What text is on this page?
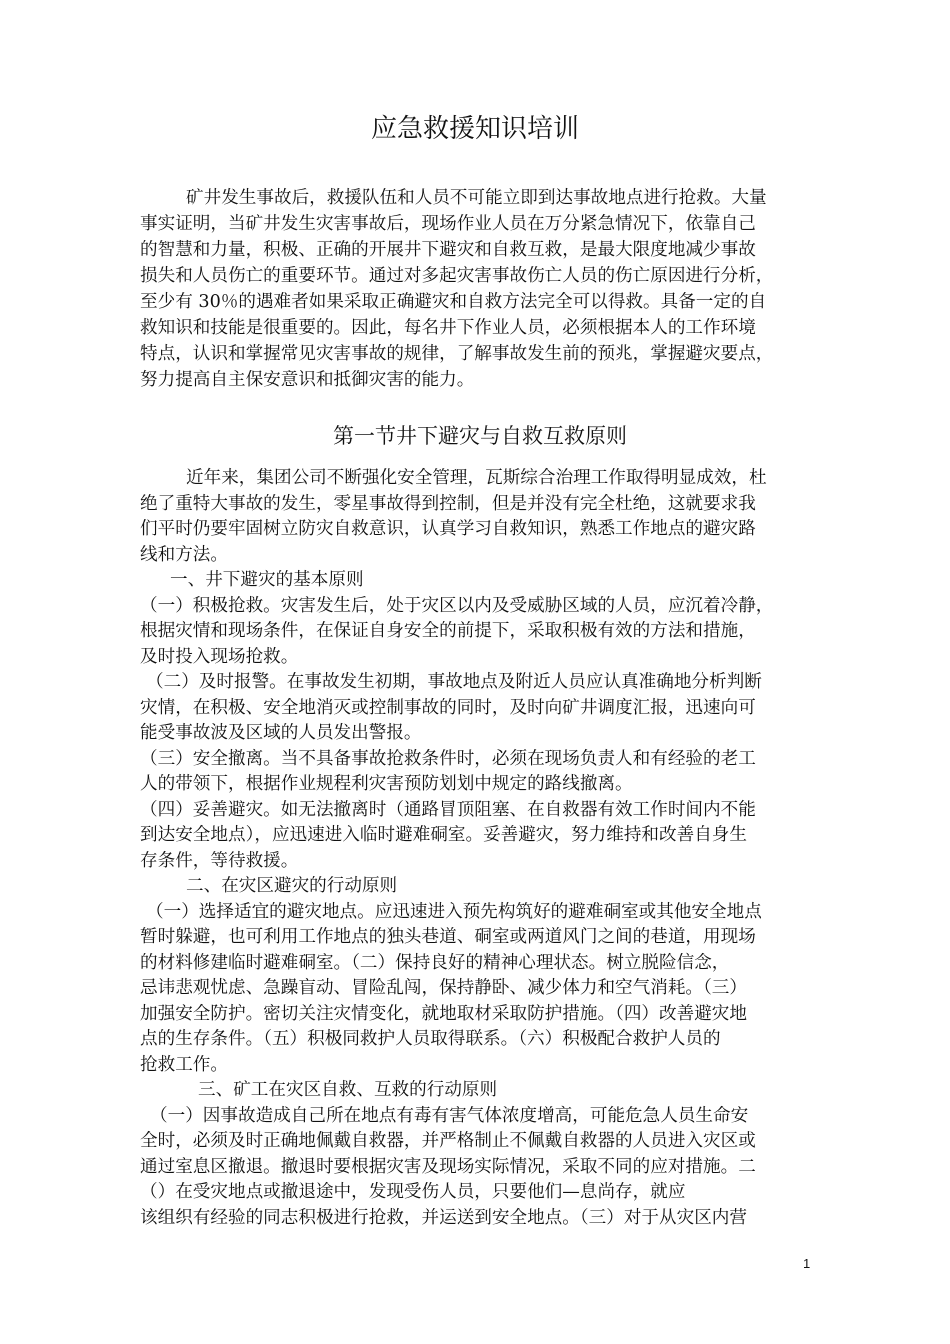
应急救援知识培训
矿井发生事故后，救援队伍和人员不可能立即到达事故地点进行抢救。大量
事实证明，当矿井发生灾害事故后，现场作业人员在万分紧急情况下，依靠自己
的智慧和力量，积极、正确的开展井下避灾和自救互救，是最大限度地减少事故
损失和人员伤亡的重要环节。通过对多起灾害事故伤亡人员的伤亡原因进行分析，
至少有 30％的遇难者如果采取正确避灾和自救方法完全可以得救。具备一定的自
救知识和技能是很重要的。因此，每名井下作业人员，必须根据本人的工作环境
特点，认识和掌握常见灾害事故的规律，了解事故发生前的预兆，掌握避灾要点，
努力提高自主保安意识和抵御灾害的能力。
第一节井下避灾与自救互救原则
近年来，集团公司不断强化安全管理，瓦斯综合治理工作取得明显成效，杜
绝了重特大事故的发生，零星事故得到控制，但是并没有完全杜绝，这就要求我
们平时仍要牢固树立防灾自救意识，认真学习自救知识，熟悉工作地点的避灾路
线和方法。
一、井下避灾的基本原则
（一）积极抢救。灾害发生后，处于灾区以内及受威胁区域的人员，应沉着冷静，
根据灾情和现场条件，在保证自身安全的前提下，采取积极有效的方法和措施，
及时投入现场抢救。
（二）及时报警。在事故发生初期，事故地点及附近人员应认真准确地分析判断
灾情，在积极、安全地消灭或控制事故的同时，及时向矿井调度汇报，迅速向可
能受事故波及区域的人员发出警报。
（三）安全撤离。当不具备事故抢救条件时，必须在现场负责人和有经验的老工
人的带领下，根据作业规程利灾害预防划划中规定的路线撤离。
（四）妥善避灾。如无法撤离时（通路冒顶阻塞、在自救器有效工作时间内不能
到达安全地点），应迅速进入临时避难硐室。妥善避灾，努力维持和改善自身生
存条件，等待救援。
二、在灾区避灾的行动原则
（一）选择适宜的避灾地点。应迅速进入预先构筑好的避难硐室或其他安全地点
暂时躲避，也可利用工作地点的独头巷道、硐室或两道风门之间的巷道，用现场
的材料修建临时避难硐室。（二）保持良好的精神心理状态。树立脱险信念，
忌讳悲观忧虑、急躁盲动、冒险乱闯，保持静卧、减少体力和空气消耗。（三）
加强安全防护。密切关注灾情变化，就地取材采取防护措施。（四）改善避灾地
点的生存条件。（五）积极同救护人员取得联系。（六）积极配合救护人员的
抢救工作。
三、矿工在灾区自救、互救的行动原则
（一）因事故造成自己所在地点有毒有害气体浓度增高，可能危急人员生命安
全时，必须及时正确地佩戴自救器，并严格制止不佩戴自救器的人员进入灾区或
通过室息区撤退。撤退时要根据灾害及现场实际情况，采取不同的应对措施。二
（）在受灾地点或撤退途中，发现受伤人员，只要他们—息尚存，就应
该组织有经验的同志积极进行抢救，并运送到安全地点。（三）对于从灾区内营
1
